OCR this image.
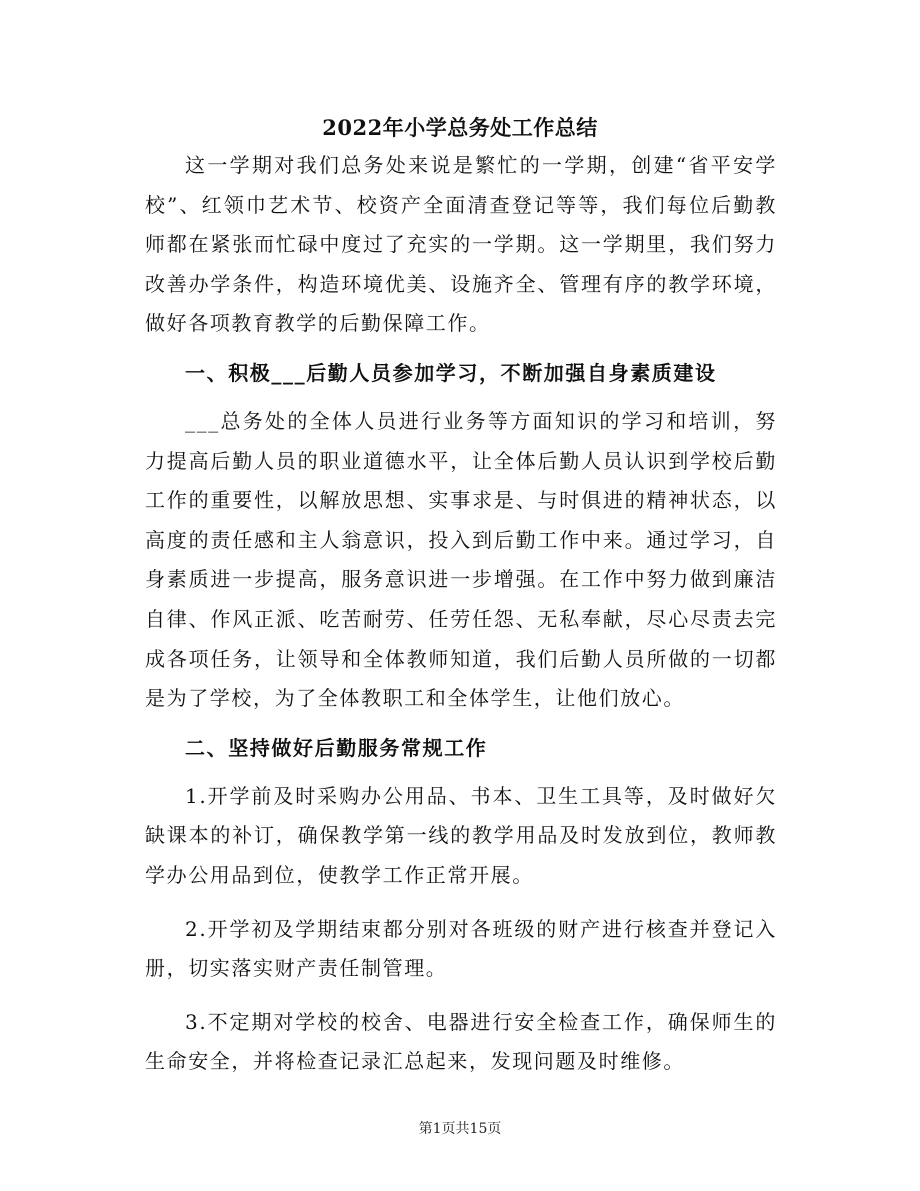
2022年小学总务处工作总结

这一学期对我们总务处来说是繁忙的一学期，创建“省平安学校”、红领巾艺术节、校资产全面清查登记等等，我们每位后勤教师都在紧张而忙碌中度过了充实的一学期。这一学期里，我们努力改善办学条件，构造环境优美、设施齐全、管理有序的教学环境，做好各项教育教学的后勤保障工作。

一、积极___后勤人员参加学习，不断加强自身素质建设

___总务处的全体人员进行业务等方面知识的学习和培训，努力提高后勤人员的职业道德水平，让全体后勤人员认识到学校后勤工作的重要性，以解放思想、实事求是、与时俱进的精神状态，以高度的责任感和主人翁意识，投入到后勤工作中来。通过学习，自身素质进一步提高，服务意识进一步增强。在工作中努力做到廉洁自律、作风正派、吃苦耐劳、任劳任怨、无私奉献，尽心尽责去完成各项任务，让领导和全体教师知道，我们后勤人员所做的一切都是为了学校，为了全体教职工和全体学生，让他们放心。

二、坚持做好后勤服务常规工作

1.开学前及时采购办公用品、书本、卫生工具等，及时做好欠缺课本的补订，确保教学第一线的教学用品及时发放到位，教师教学办公用品到位，使教学工作正常开展。

2.开学初及学期结束都分别对各班级的财产进行核查并登记入册，切实落实财产责任制管理。

3.不定期对学校的校舍、电器进行安全检查工作，确保师生的生命安全，并将检查记录汇总起来，发现问题及时维修。

第1页共15页
